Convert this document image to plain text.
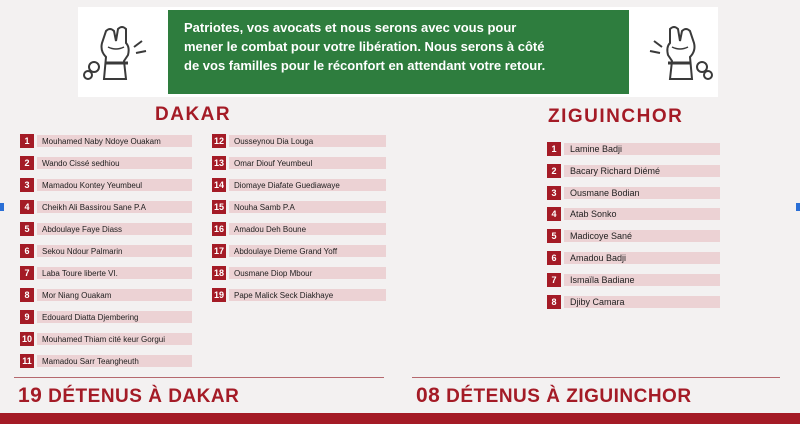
Patriotes, vos avocats et nous serons avec vous pour
mener le combat pour votre libération. Nous serons à côté
de vos familles pour le réconfort en attendant votre retour.
DAKAR	ZIGUINCHOR
1	Mouhamed Naby Ndoye Ouakam
2	Wando Cissé sedhiou
3	Mamadou Kontey Yeumbeul
4	Cheikh Ali Bassirou Sane P.A
5	Abdoulaye Faye Diass
6	Sekou Ndour Palmarin
7	Laba Toure liberte VI.
8	Mor Niang Ouakam
9	Edouard Diatta Djembering
10	Mouhamed Thiam cité keur Gorgui
11	Mamadou Sarr Teangheuth
12	Ousseynou Dia Louga
13	Omar Diouf Yeumbeul
14	Diomaye Diafate Guediawaye
15	Nouha Samb P.A
16	Amadou Deh Boune
17	Abdoulaye Dieme Grand Yoff
18	Ousmane Diop Mbour
19	Pape Malick Seck Diakhaye
1	Lamine Badji
2	Bacary Richard Diémé
3	Ousmane Bodian
4	Atab Sonko
5	Madicoye Sané
6	Amadou Badji
7	Ismaïla Badiane
8	Djiby Camara
19 DÉTENUS À DAKAR	08 DÉTENUS À ZIGUINCHOR
